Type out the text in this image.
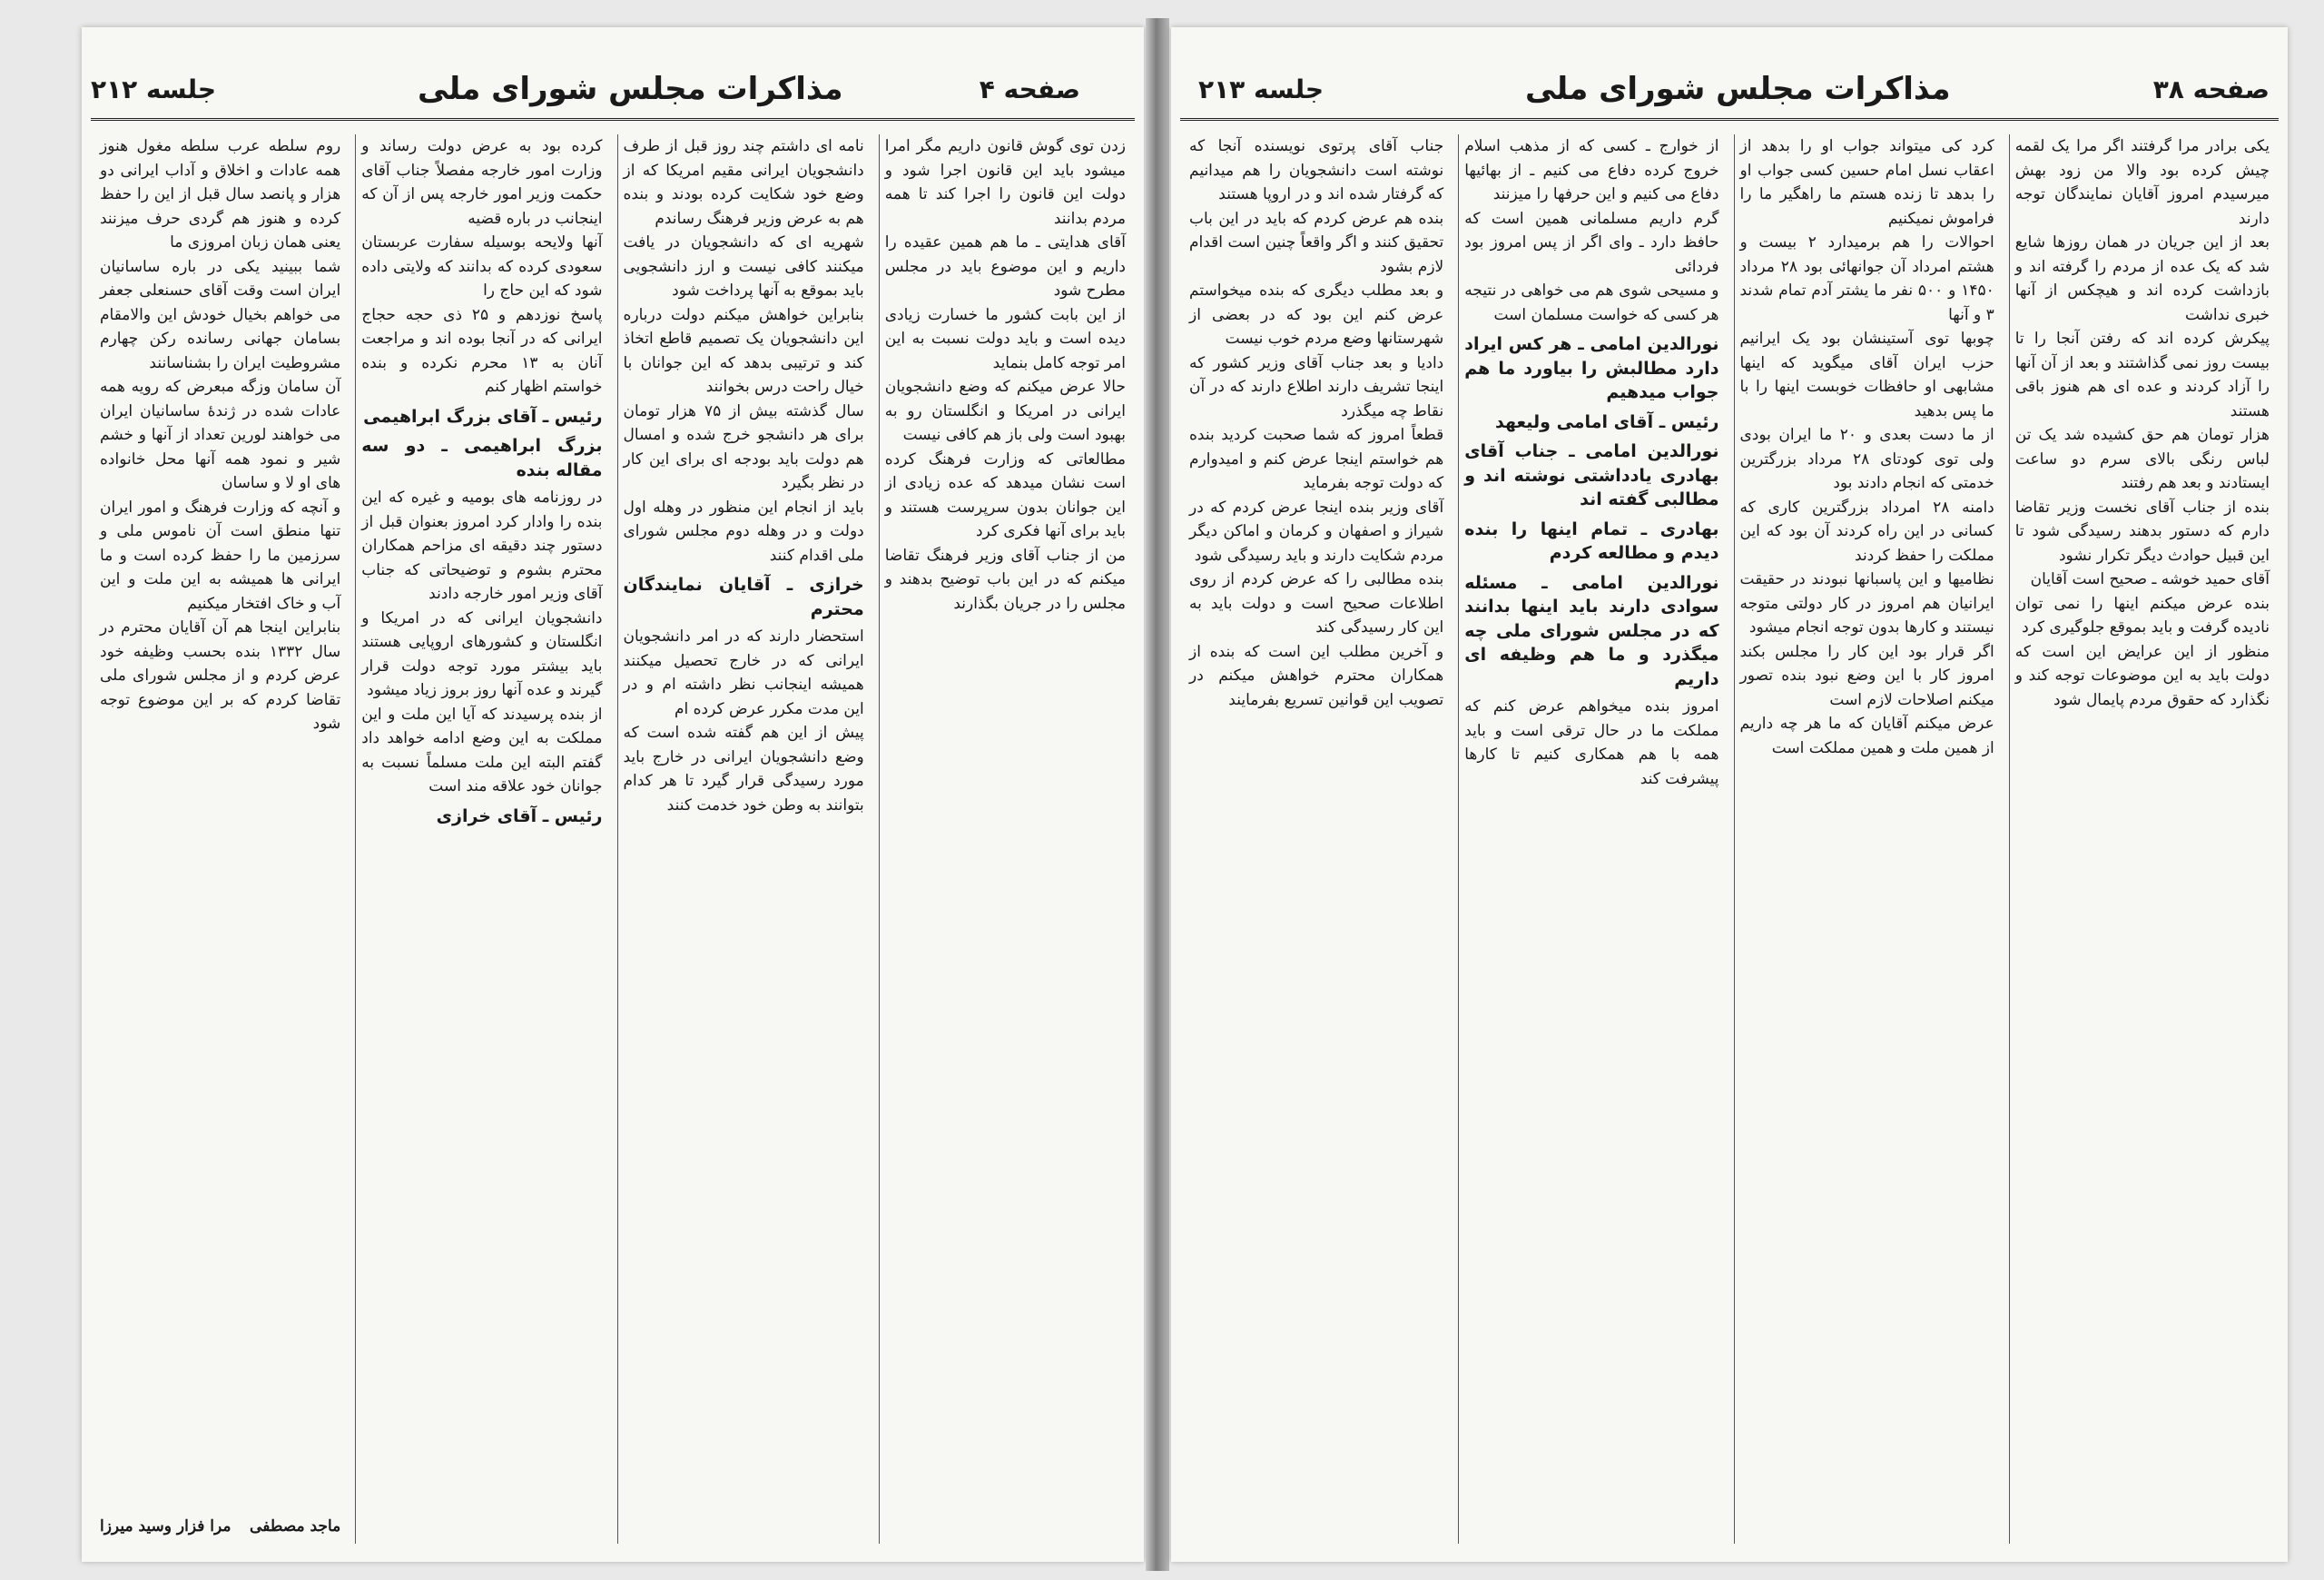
جلسه ۲۱۲	مذاکرات مجلس شورای ملی	صفحه ۴

زدن توی گوش قانون داریم مگر امرا میشود باید این قانون اجرا شود و دولت این قانون را اجرا کند تا همه مردم بدانند

آقای هدایتی ـ ما هم همین عقیده را داریم و این موضوع باید در مجلس مطرح شود

از این بابت کشور ما خسارت زیادی دیده است و باید دولت نسبت به این امر توجه کامل بنماید

حالا عرض میکنم که وضع دانشجویان ایرانی در امریکا و انگلستان رو به بهبود است ولی باز هم کافی نیست

مطالعاتی که وزارت فرهنگ کرده است نشان میدهد که عده زیادی از این جوانان بدون سرپرست هستند و باید برای آنها فکری کرد

من از جناب آقای وزیر فرهنگ تقاضا میکنم که در این باب توضیح بدهند و مجلس را در جریان بگذارند

نامه ای داشتم چند روز قبل از طرف دانشجویان ایرانی مقیم امریکا که از وضع خود شکایت کرده بودند و بنده هم به عرض وزیر فرهنگ رساندم

شهریه ای که دانشجویان در یافت میکنند کافی نیست و ارز دانشجویی باید بموقع به آنها پرداخت شود

بنابراین خواهش میکنم دولت درباره این دانشجویان یک تصمیم قاطع اتخاذ کند و ترتیبی بدهد که این جوانان با خیال راحت درس بخوانند

سال گذشته بیش از ۷۵ هزار تومان برای هر دانشجو خرج شده و امسال هم دولت باید بودجه ای برای این کار در نظر بگیرد

باید از انجام این منظور در وهله اول دولت و در وهله دوم مجلس شورای ملی اقدام کنند

خرازی ـ آقایان نمایندگان محترم

استحضار دارند که در امر دانشجویان ایرانی که در خارج تحصیل میکنند همیشه اینجانب نظر داشته ام و در این مدت مکرر عرض کرده ام

پیش از این هم گفته شده است که وضع دانشجویان ایرانی در خارج باید مورد رسیدگی قرار گیرد تا هر کدام بتوانند به وطن خود خدمت کنند

کرده بود به عرض دولت رساند و وزارت امور خارجه مفصلاً جناب آقای حکمت وزیر امور خارجه پس از آن که اینجانب در باره قضیه

آنها ولایحه بوسیله سفارت عربستان سعودی کرده که بدانند که ولایتی داده شود که این حاج را

پاسخ نوزدهم و ۲۵ ذی حجه حجاج ایرانی که در آنجا بوده اند و مراجعت آنان به ۱۳ محرم نکرده و بنده خواستم اظهار کنم

رئیس ـ آقای بزرگ ابراهیمی
بزرگ ابراهیمی ـ دو سه مقاله بنده

در روزنامه های بومیه و غیره که این بنده را وادار کرد امروز بعنوان قبل از دستور چند دقیقه ای مزاحم همکاران محترم بشوم و توضیحاتی که جناب آقای وزیر امور خارجه دادند

دانشجویان ایرانی که در امریکا و انگلستان و کشورهای اروپایی هستند باید بیشتر مورد توجه دولت قرار گیرند و عده آنها روز بروز زیاد میشود

از بنده پرسیدند که آیا این ملت و این مملکت به این وضع ادامه خواهد داد گفتم البته این ملت مسلماً نسبت به جوانان خود علاقه مند است

رئیس ـ آقای خرازی

روم سلطه عرب سلطه مغول هنوز همه عادات و اخلاق و آداب ایرانی دو هزار و پانصد سال قبل از این را حفظ کرده و هنوز هم گردی حرف میزنند یعنی همان زبان امروزی ما

شما ببینید یکی در باره ساسانیان ایران است وقت آقای حسنعلی جعفر می خواهم بخیال خودش این والامقام بسامان جهانی رسانده رکن چهارم مشروطیت ایران را بشناسانند

آن سامان وزگه مبعرض که رویه همه عادات شده در ژندۀ ساسانیان ایران می خواهند لورین تعداد از آنها و خشم شیر و نمود همه آنها محل خانواده های او لا و ساسان

و آنچه که وزارت فرهنگ و امور ایران تنها منطق است آن ناموس ملی و سرزمین ما را حفظ کرده است و ما ایرانی ها همیشه به این ملت و این آب و خاک افتخار میکنیم

بنابراین اینجا هم آن آقایان محترم در سال ۱۳۳۲ بنده بحسب وظیفه خود عرض کردم و از مجلس شورای ملی تقاضا کردم که بر این موضوع توجه شود

ماجد مصطفی
مرا فزار وسید میرزا
جلسه ۲۱۳	مذاکرات مجلس شورای ملی	صفحه ۳۸

یکی برادر مرا گرفتند اگر مرا یک لقمه چیش کرده بود والا من زود بهش میرسیدم امروز آقایان نمایندگان توجه دارند

بعد از این جریان در همان روزها شایع شد که یک عده از مردم را گرفته اند و بازداشت کرده اند و هیچکس از آنها خبری نداشت

پیکرش کرده اند که رفتن آنجا را تا بیست روز نمی گذاشتند و بعد از آن آنها را آزاد کردند و عده ای هم هنوز باقی هستند

هزار تومان هم حق کشیده شد یک تن لباس رنگی بالای سرم دو ساعت ایستادند و بعد هم رفتند

بنده از جناب آقای نخست وزیر تقاضا دارم که دستور بدهند رسیدگی شود تا این قبیل حوادث دیگر تکرار نشود

آقای حمید خوشه ـ صحیح است آقایان

بنده عرض میکنم اینها را نمی توان نادیده گرفت و باید بموقع جلوگیری کرد

منظور از این عرایض این است که دولت باید به این موضوعات توجه کند و نگذارد که حقوق مردم پایمال شود

کرد کی میتواند جواب او را بدهد از اعقاب نسل امام حسین کسی جواب او را بدهد تا زنده هستم ما راهگیر ما را فراموش نمیکنیم

احوالات را هم برمیدارد ۲ بیست و هشتم امرداد آن جوانهائی بود ۲۸ مرداد ۱۴۵۰ و ۵۰۰ نفر ما یشتر آدم تمام شدند ۳ و آنها

چوبها توی آستینشان بود یک ایرانیم حزب ایران آقای میگوید که اینها مشابهی او حافظات خوبست اینها را با ما پس بدهید

از ما دست بعدی و ۲۰ ما ایران بودی ولی توی کودتای ۲۸ مرداد بزرگترین خدمتی که انجام دادند بود

دامنه ۲۸ امرداد بزرگترین کاری که کسانی در این راه کردند آن بود که این مملکت را حفظ کردند

نظامیها و این پاسبانها نبودند در حقیقت ایرانیان هم امروز در کار دولتی متوجه نیستند و کارها بدون توجه انجام میشود

اگر قرار بود این کار را مجلس بکند امروز کار با این وضع نبود بنده تصور میکنم اصلاحات لازم است

عرض میکنم آقایان که ما هر چه داریم از همین ملت و همین مملکت است

از خوارج ـ کسی که از مذهب اسلام خروج کرده دفاع می کنیم ـ از بهائیها دفاع می کنیم و این حرفها را میزنند

گرم داریم مسلمانی همین است که حافظ دارد ـ وای اگر از پس امروز بود فردائی

و مسیحی شوی هم می خواهی در نتیجه هر کسی که خواست مسلمان است

نورالدین امامی ـ هر کس ایراد دارد مطالبش را بیاورد ما هم جواب میدهیم
رئیس ـ آقای امامی ولیعهد
نورالدین امامی ـ جناب آقای بهادری یادداشتی نوشته اند و مطالبی گفته اند
بهادری ـ تمام اینها را بنده دیدم و مطالعه کردم
نورالدین امامی ـ مسئله سوادی دارند باید اینها بدانند که در مجلس شورای ملی چه میگذرد و ما هم وظیفه ای داریم

امروز بنده میخواهم عرض کنم که مملکت ما در حال ترقی است و باید همه با هم همکاری کنیم تا کارها پیشرفت کند

جناب آقای پرتوی نویسنده آنجا که نوشته است دانشجویان را هم میدانیم که گرفتار شده اند و در اروپا هستند

بنده هم عرض کردم که باید در این باب تحقیق کنند و اگر واقعاً چنین است اقدام لازم بشود

و بعد مطلب دیگری که بنده میخواستم عرض کنم این بود که در بعضی از شهرستانها وضع مردم خوب نیست

دادیا و بعد جناب آقای وزیر کشور که اینجا تشریف دارند اطلاع دارند که در آن نقاط چه میگذرد

قطعاً امروز که شما صحبت کردید بنده هم خواستم اینجا عرض کنم و امیدوارم که دولت توجه بفرماید

آقای وزیر بنده اینجا عرض کردم که در شیراز و اصفهان و کرمان و اماکن دیگر مردم شکایت دارند و باید رسیدگی شود

بنده مطالبی را که عرض کردم از روی اطلاعات صحیح است و دولت باید به این کار رسیدگی کند

و آخرین مطلب این است که بنده از همکاران محترم خواهش میکنم در تصویب این قوانین تسریع بفرمایند
